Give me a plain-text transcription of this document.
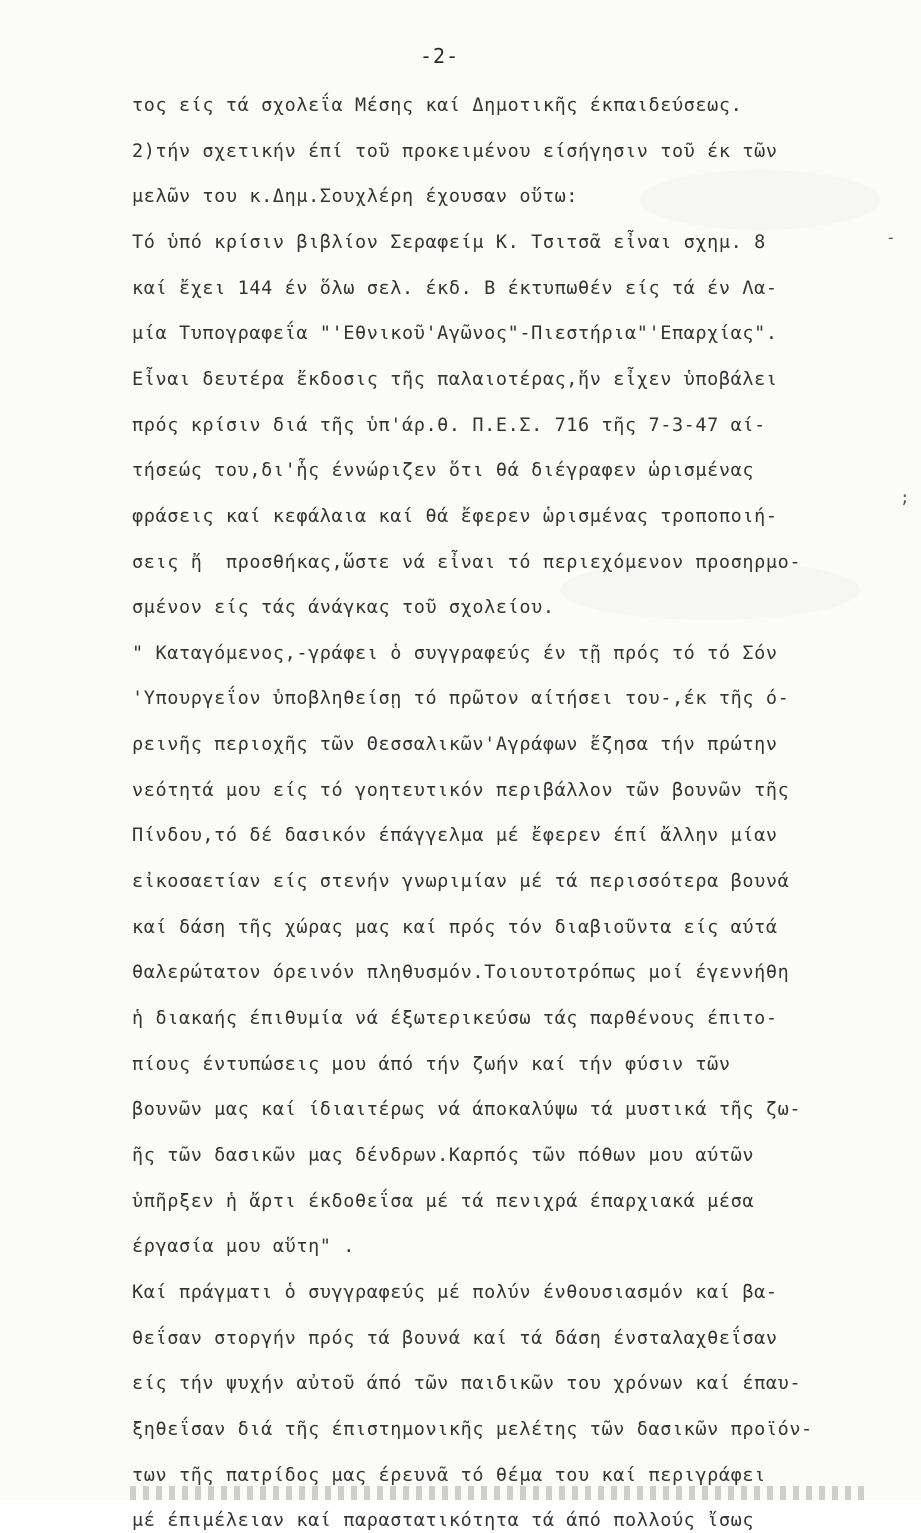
-2-
τος είς τά σχολεΐα Μέσης καί Δημοτικῆς έκπαιδεύσεως.
2)τήν σχετικήν έπί τοῦ προκειμένου είσήγησιν τοῦ έκ τῶν
μελῶν του κ.Δημ.Σουχλέρη έχουσαν οὕτω:
Τό ὑπό κρίσιν βιβλίον Σεραφείμ Κ. Τσιτσᾶ εἶναι σχημ. 8
καί ἔχει 144 έν ὅλω σελ. έκδ. Β έκτυπωθέν είς τά έν Λα-
μία Τυπογραφεΐα "'Εθνικοῦ'Αγῶνος"-Πιεστήρια"'Επαρχίας".
Εἶναι δευτέρα ἔκδοσις τῆς παλαιοτέρας,ἥν εἶχεν ὑποβάλει
πρός κρίσιν διά τῆς ὑπ'άρ.θ. Π.Ε.Σ. 716 τῆς 7-3-47 αί-
τήσεώς του,δι'ἧς έννώριζεν ὅτι θά διέγραφεν ὡρισμένας
φράσεις καί κεφάλαια καί θά ἔφερεν ὡρισμένας τροποποιή-
σεις ἤ  προσθήκας,ὥστε νά εἶναι τό περιεχόμενον προσηρμο-
σμένον είς τάς άνάγκας τοῦ σχολείου.
" Καταγόμενος,-γράφει ὁ συγγραφεύς έν τῇ πρός τό τό Σόν
'Υπουργεΐον ὑποβληθείσῃ τό πρῶτον αίτήσει του-,έκ τῆς ό-
ρεινῆς περιοχῆς τῶν Θεσσαλικῶν'Αγράφων ἔζησα τήν πρώτην
νεότητά μου είς τό γοητευτικόν περιβάλλον τῶν βουνῶν τῆς
Πίνδου,τό δέ δασικόν έπάγγελμα μέ ἔφερεν έπί ἄλλην μίαν
εἰκοσαετίαν είς στενήν γνωριμίαν μέ τά περισσότερα βουνά
καί δάση τῆς χώρας μας καί πρός τόν διαβιοῦντα είς αύτά
θαλερώτατον όρεινόν πληθυσμόν.Τοιουτοτρόπως μοί έγεννήθη
ἡ διακαής έπιθυμία νά έξωτερικεύσω τάς παρθένους έπιτο-
πίους έντυπώσεις μου άπό τήν ζωήν καί τήν φύσιν τῶν
βουνῶν μας καί ίδιαιτέρως νά άποκαλύψω τά μυστικά τῆς ζω-
ῆς τῶν δασικῶν μας δένδρων.Καρπός τῶν πόθων μου αύτῶν
ὑπῆρξεν ἡ ἄρτι έκδοθεΐσα μέ τά πενιχρά έπαρχιακά μέσα
έργασία μου αὕτη" .
Καί πράγματι ὁ συγγραφεύς μέ πολύν ένθουσιασμόν καί βα-
θεΐσαν στοργήν πρός τά βουνά καί τά δάση ένσταλαχθεΐσαν
είς τήν ψυχήν αὐτοῦ άπό τῶν παιδικῶν του χρόνων καί έπαυ-
ξηθεΐσαν διά τῆς έπιστημονικῆς μελέτης τῶν δασικῶν προϊόν-
των τῆς πατρίδος μας έρευνᾶ τό θέμα του καί περιγράφει
μέ έπιμέλειαν καί παραστατικότητα τά άπό πολλούς ἴσως
-
;
